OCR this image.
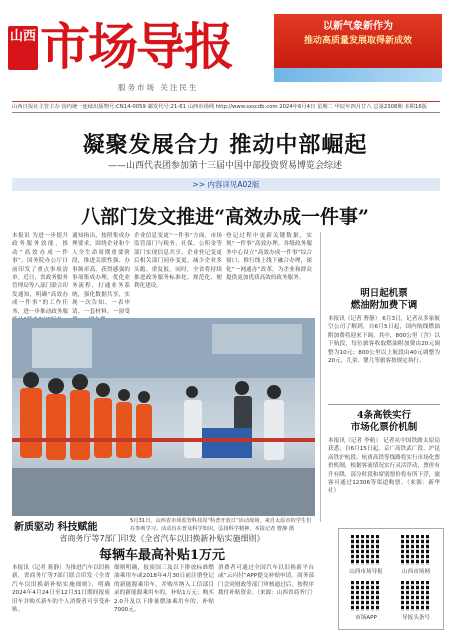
山西 市场导报
服务市场 关注民生
以新气象新作为
推动高质量发展取得新成效
山西日报社主管主办 国内统一连续出版物号:CN14-0059 邮发代号:21-61 山西市场网 http://www.sxscdb.com 2024年6月4日 星期二 甲辰年四月廿八 总第2308期 本期16版
凝聚发展合力 推动中部崛起
——山西代表团参加第十三届中国中部投资贸易博览会综述
>> 内容详见A02版
八部门发文推进“高效办成一件事”
本报讯 为进一步提升政务服务效能，推动“高效办成一件事”，国务院办公厅日前印发了重点事项清单。近日，省政务服务管理局等八部门联合印发通知，明确“高效办成一件事”的工作任务，进一步推动政务服
通知指出，按照集成办理要求，围绕企业和个人全生命周期重要阶段，推进关联性强、办事频率高、获得感强的事项集成办理，优化业务流程、打通业务系统，强化数据共享，实现一次告知、一表申请、一套材料、一窗受
企业信息变更“一件事”方面，市场监管部门与税务、社保、公积金等部门实现信息共享，企业登记变更后相关部门同步变更，减少企业多头跑、重复报。同时，全省将持续推进政务服务标准化、规范化、便利化建设。
登记过程中更新关键数据，实现“一件事”高效办理。各级政务服务中心设立“高效办成一件事”综合窗口，推行线上线下融合办理，深化“一网通办”改革，为企业和群众提供更加优质高效的政务服务。
明日起机票
燃油附加费下调
本报讯（记者 曹静） 6月3日，记者从多家航空公司了解到，自6月5日起，国内航线燃油附加费将迎来下调。其中，800公里（含）以下航段，每位旅客收取燃油附加费由20元调整为10元；800公里以上航段由40元调整为20元。儿童、婴儿等旅客按规定执行。
4条高铁实行
市场化票价机制
本报讯（记者 李航） 记者从中国铁路太原局获悉，自6月15日起，京广高铁武广段、沪昆高铁沪杭段、杭甬高铁等线路将实行市场化票价机制，根据客流情况实行灵活浮动，票价有升有降，部分时段和席别票价将有所下浮，旅客可通过12306等渠道购票。（来源：新华社）
新质驱动 科技赋能
5月31日，山西省市场监管科技周“科普开放日”活动现场，来自太原市的学生们在参观学习。活动旨在普及科学知识，弘扬科学精神。本报记者 曹静 摄
省商务厅等7部门印发《全省汽车以旧换新补贴实施细则》
每辆车最高补贴1万元
本报讯（记者 蒋静）为推进汽车以旧换新，省商务厅等7部门联合印发《全省汽车以旧换新补贴实施细则》，明确2024年4月24日至12月31日期间报废旧车并购买新车的个人消费者可享受补贴。
细则明确，报废国三及以下排放标准燃油乘用车或2018年4月30日前注册登记的新能源乘用车，并购买纳入工信部目录的新能源乘用车的，补贴1万元；购买2.0升及以下排量燃油乘用车的，补贴7000元。
消费者可通过全国汽车以旧换新平台或“云闪付”APP提交补贴申请。商务部门会同财政等部门审核通过后，按程序拨付补贴资金。（来源：山西省商务厅）
山西市场导报	山西市场网
市场APP	导报头条号
